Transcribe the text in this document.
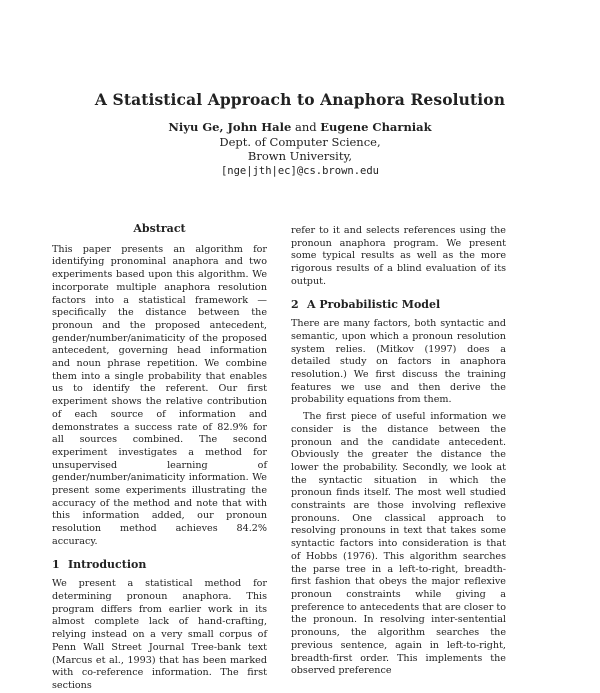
A Statistical Approach to Anaphora Resolution
Niyu Ge, John Hale and Eugene Charniak
Dept. of Computer Science,
Brown University,
[nge|jth|ec]@cs.brown.edu
Abstract

This paper presents an algorithm for identifying pronominal anaphora and two experiments based upon this algorithm. We incorporate multiple anaphora resolution factors into a statistical framework — specifically the distance between the pronoun and the proposed antecedent, gender/number/animaticity of the proposed antecedent, governing head information and noun phrase repetition. We combine them into a single probability that enables us to identify the referent. Our first experiment shows the relative contribution of each source of information and demonstrates a success rate of 82.9% for all sources combined. The second experiment investigates a method for unsupervised learning of gender/number/animaticity information. We present some experiments illustrating the accuracy of the method and note that with this information added, our pronoun resolution method achieves 84.2% accuracy.

1 Introduction

We present a statistical method for determining pronoun anaphora. This program differs from earlier work in its almost complete lack of hand-crafting, relying instead on a very small corpus of Penn Wall Street Journal Tree-bank text (Marcus et al., 1993) that has been marked with co-reference information. The first sections

refer to it and selects references using the pronoun anaphora program. We present some typical results as well as the more rigorous results of a blind evaluation of its output.

2 A Probabilistic Model

There are many factors, both syntactic and semantic, upon which a pronoun resolution system relies. (Mitkov (1997) does a detailed study on factors in anaphora resolution.) We first discuss the training features we use and then derive the probability equations from them.

The first piece of useful information we consider is the distance between the pronoun and the candidate antecedent. Obviously the greater the distance the lower the probability. Secondly, we look at the syntactic situation in which the pronoun finds itself. The most well studied constraints are those involving reflexive pronouns. One classical approach to resolving pronouns in text that takes some syntactic factors into consideration is that of Hobbs (1976). This algorithm searches the parse tree in a left-to-right, breadth-first fashion that obeys the major reflexive pronoun constraints while giving a preference to antecedents that are closer to the pronoun. In resolving inter-sentential pronouns, the algorithm searches the previous sentence, again in left-to-right, breadth-first order. This implements the observed preference
